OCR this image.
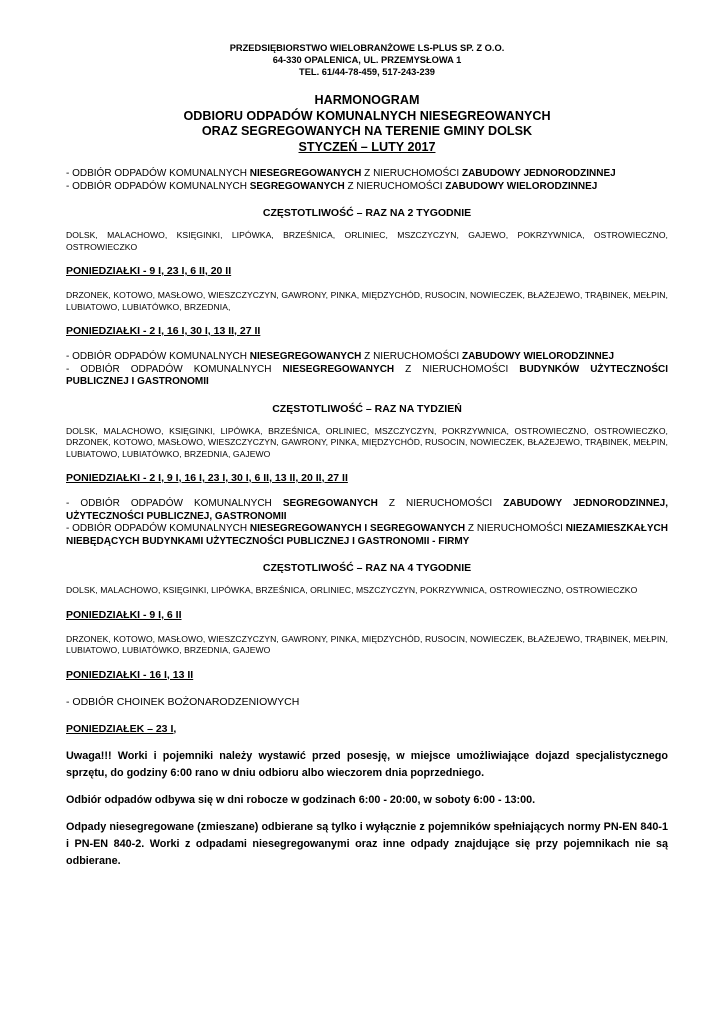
PRZEDSIĘBIORSTWO WIELOBRANŻOWE LS-PLUS SP. Z O.O.
64-330 OPALENICA, UL. PRZEMYSŁOWA 1
TEL. 61/44-78-459, 517-243-239
HARMONOGRAM
ODBIORU ODPADÓW KOMUNALNYCH NIESEGREOWANYCH
ORAZ SEGREGOWANYCH NA TERENIE GMINY DOLSK
STYCZEŃ – LUTY 2017

- ODBIÓR ODPADÓW KOMUNALNYCH NIESEGREGOWANYCH Z NIERUCHOMOŚCI ZABUDOWY JEDNORODZINNEJ

- ODBIÓR ODPADÓW KOMUNALNYCH SEGREGOWANYCH Z NIERUCHOMOŚCI ZABUDOWY WIELORODZINNEJ

CZĘSTOTLIWOŚĆ – RAZ NA 2 TYGODNIE

DOLSK, MALACHOWO, KSIĘGINKI, LIPÓWKA, BRZEŚNICA, ORLINIEC, MSZCZYCZYN, GAJEWO, POKRZYWNICA, OSTROWIECZNO, OSTROWIECZKO

PONIEDZIAŁKI - 9 I, 23 I, 6 II, 20 II

DRZONEK, KOTOWO, MASŁOWO, WIESZCZYCZYN, GAWRONY, PINKA, MIĘDZYCHÓD, RUSOCIN, NOWIECZEK, BŁAŻEJEWO, TRĄBINEK, MEŁPIN, LUBIATOWO, LUBIATÓWKO, BRZEDNIA,

PONIEDZIAŁKI - 2 I, 16 I, 30 I, 13 II, 27 II

- ODBIÓR ODPADÓW KOMUNALNYCH NIESEGREGOWANYCH Z NIERUCHOMOŚCI ZABUDOWY WIELORODZINNEJ

- ODBIÓR ODPADÓW KOMUNALNYCH NIESEGREGOWANYCH Z NIERUCHOMOŚCI BUDYNKÓW UŻYTECZNOŚCI PUBLICZNEJ I GASTRONOMII

CZĘSTOTLIWOŚĆ – RAZ NA TYDZIEŃ

DOLSK, MALACHOWO, KSIĘGINKI, LIPÓWKA, BRZEŚNICA, ORLINIEC, MSZCZYCZYN, POKRZYWNICA, OSTROWIECZNO, OSTROWIECZKO, DRZONEK, KOTOWO, MASŁOWO, WIESZCZYCZYN, GAWRONY, PINKA, MIĘDZYCHÓD, RUSOCIN, NOWIECZEK, BŁAŻEJEWO, TRĄBINEK, MEŁPIN, LUBIATOWO, LUBIATÓWKO, BRZEDNIA, GAJEWO

PONIEDZIAŁKI - 2 I, 9 I, 16 I, 23 I, 30 I, 6 II, 13 II, 20 II, 27 II

- ODBIÓR ODPADÓW KOMUNALNYCH SEGREGOWANYCH Z NIERUCHOMOŚCI ZABUDOWY JEDNORODZINNEJ, UŻYTECZNOŚCI PUBLICZNEJ, GASTRONOMII

- ODBIÓR ODPADÓW KOMUNALNYCH NIESEGREGOWANYCH I SEGREGOWANYCH Z NIERUCHOMOŚCI NIEZAMIESZKAŁYCH NIEBĘDĄCYCH BUDYNKAMI UŻYTECZNOŚCI PUBLICZNEJ I GASTRONOMII - FIRMY

CZĘSTOTLIWOŚĆ – RAZ NA 4 TYGODNIE

DOLSK, MALACHOWO, KSIĘGINKI, LIPÓWKA, BRZEŚNICA, ORLINIEC, MSZCZYCZYN, POKRZYWNICA, OSTROWIECZNO, OSTROWIECZKO

PONIEDZIAŁKI - 9 I, 6 II

DRZONEK, KOTOWO, MASŁOWO, WIESZCZYCZYN, GAWRONY, PINKA, MIĘDZYCHÓD, RUSOCIN, NOWIECZEK, BŁAŻEJEWO, TRĄBINEK, MEŁPIN, LUBIATOWO, LUBIATÓWKO, BRZEDNIA, GAJEWO

PONIEDZIAŁKI - 16 I, 13 II

- ODBIÓR CHOINEK BOŻONARODZENIOWYCH

PONIEDZIAŁEK – 23 I,

Uwaga!!! Worki i pojemniki należy wystawić przed posesję, w miejsce umożliwiające dojazd specjalistycznego sprzętu, do godziny 6:00 rano w dniu odbioru albo wieczorem dnia poprzedniego.

Odbiór odpadów odbywa się w dni robocze w godzinach 6:00 - 20:00, w soboty 6:00 - 13:00.

Odpady niesegregowane (zmieszane) odbierane są tylko i wyłącznie z pojemników spełniających normy PN-EN 840-1 i PN-EN 840-2. Worki z odpadami niesegregowanymi oraz inne odpady znajdujące się przy pojemnikach nie są odbierane.
